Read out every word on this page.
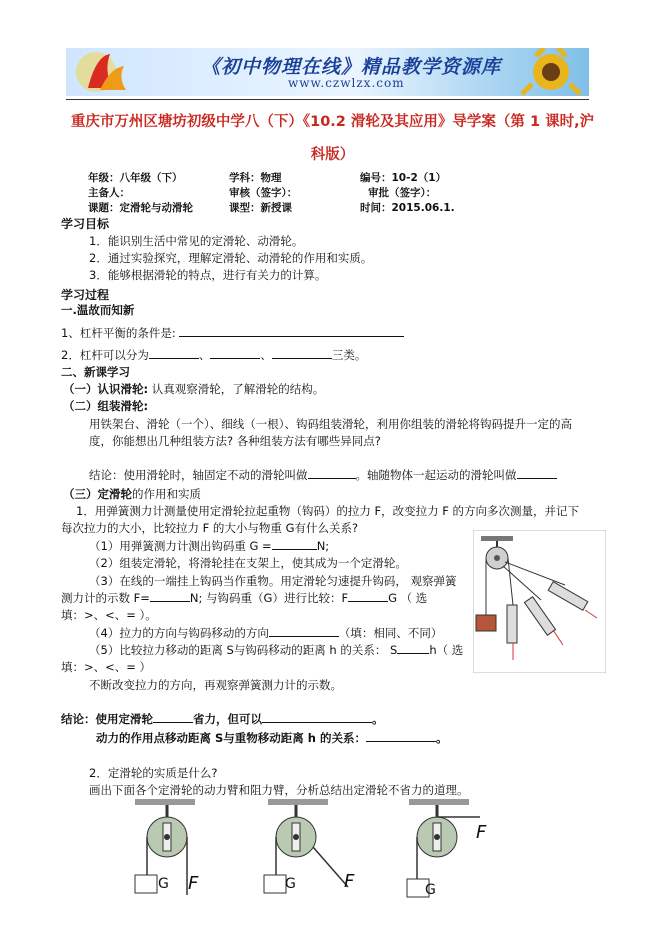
《初中物理在线》精品教学资源库
www.czwlzx.com
重庆市万州区塘坊初级中学八（下）《10.2 滑轮及其应用》导学案（第 1 课时,沪
科版）
年级：八年级（下）	学科：物理	编号：10-2（1）
主备人：	审核（签字）：	审批（签字）：
课题：定滑轮与动滑轮	课型：新授课	时间：2015.06.1.
学习目标
1．能识别生活中常见的定滑轮、动滑轮。
2．通过实验探究，理解定滑轮、动滑轮的作用和实质。
3．能够根据滑轮的特点，进行有关力的计算。
学习过程
一.温故而知新
1、杠杆平衡的条件是:
2．杠杆可以分为	、	、	三类。
二、新课学习
（一）认识滑轮: 认真观察滑轮，了解滑轮的结构。
（二）组装滑轮:
用铁架台、滑轮（一个）、细线（一根）、钩码组装滑轮，利用你组装的滑轮将钩码提升一定的高
度，你能想出几种组装方法? 各种组装方法有哪些异同点?
结论：使用滑轮时，轴固定不动的滑轮叫做	。轴随物体一起运动的滑轮叫做
（三）定滑轮的作用和实质
1．用弹簧测力计测量使用定滑轮拉起重物（钩码）的拉力 F，改变拉力 F 的方向多次测量，并记下
每次拉力的大小，比较拉力 F 的大小与物重 G有什么关系?
（1）用弹簧测力计测出钩码重 G =	N;
（2）组装定滑轮，将滑轮挂在支架上，使其成为一个定滑轮。
（3）在线的一端挂上钩码当作重物。用定滑轮匀速提升钩码， 观察弹簧
测力计的示数 F=	N; 与钩码重（G）进行比较：F	G （ 选
填：>、<、= ）。
（4）拉力的方向与钩码移动的方向	（填：相同、不同）
（5）比较拉力移动的距离 S与钩码移动的距离 h 的关系： S	h（ 选
填：>、<、= ）
不断改变拉力的方向，再观察弹簧测力计的示数。
结论：使用定滑轮	省力，但可以	。
动力的作用点移动距离 S与重物移动距离 h 的关系：	。
2．定滑轮的实质是什么?
画出下面各个定滑轮的动力臂和阻力臂，分析总结出定滑轮不省力的道理。
G F	G	F	G
F
